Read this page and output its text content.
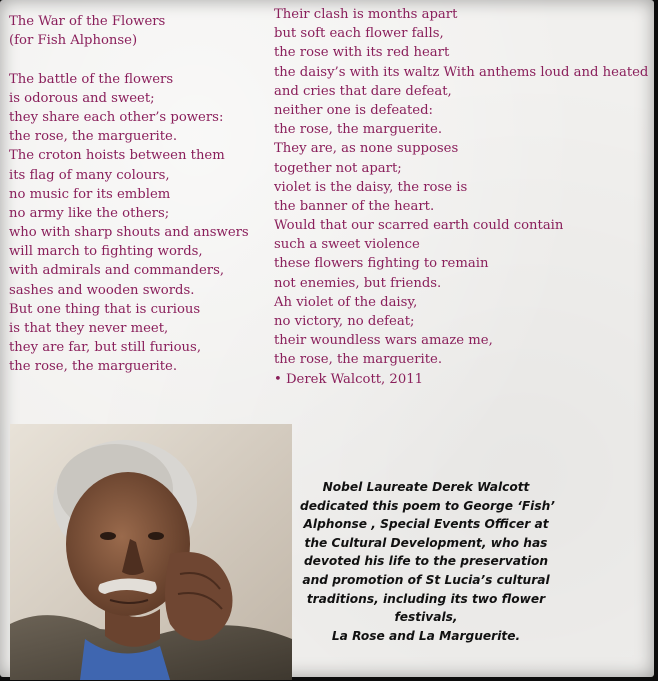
The War of the Flowers
(for Fish Alphonse)
The battle of the flowers
is odorous and sweet;
they share each other’s powers:
the rose, the marguerite.
The croton hoists between them
its flag of many colours,
no music for its emblem
no army like the others;
who with sharp shouts and answers
will march to fighting words,
with admirals and commanders,
sashes and wooden swords.
But one thing that is curious
is that they never meet,
they are far, but still furious,
the rose, the marguerite.
Their clash is months apart
but soft each flower falls,
the rose with its red heart
the daisy’s with its waltz With anthems loud and heated
and cries that dare defeat,
neither one is defeated:
the rose, the marguerite.
They are, as none supposes
together not apart;
violet is the daisy, the rose is
the banner of the heart.
Would that our scarred earth could contain
such a sweet violence
these flowers fighting to remain
not enemies, but friends.
Ah violet of the daisy,
no victory, no defeat;
their woundless wars amaze me,
the rose, the marguerite.
• Derek Walcott, 2011
Nobel Laureate Derek Walcott
dedicated this poem to George ‘Fish’
Alphonse , Special Events Officer at
the Cultural Development, who has
devoted his life to the preservation
and promotion of St Lucia’s cultural
traditions, including its two flower
festivals,
La Rose and La Marguerite.
